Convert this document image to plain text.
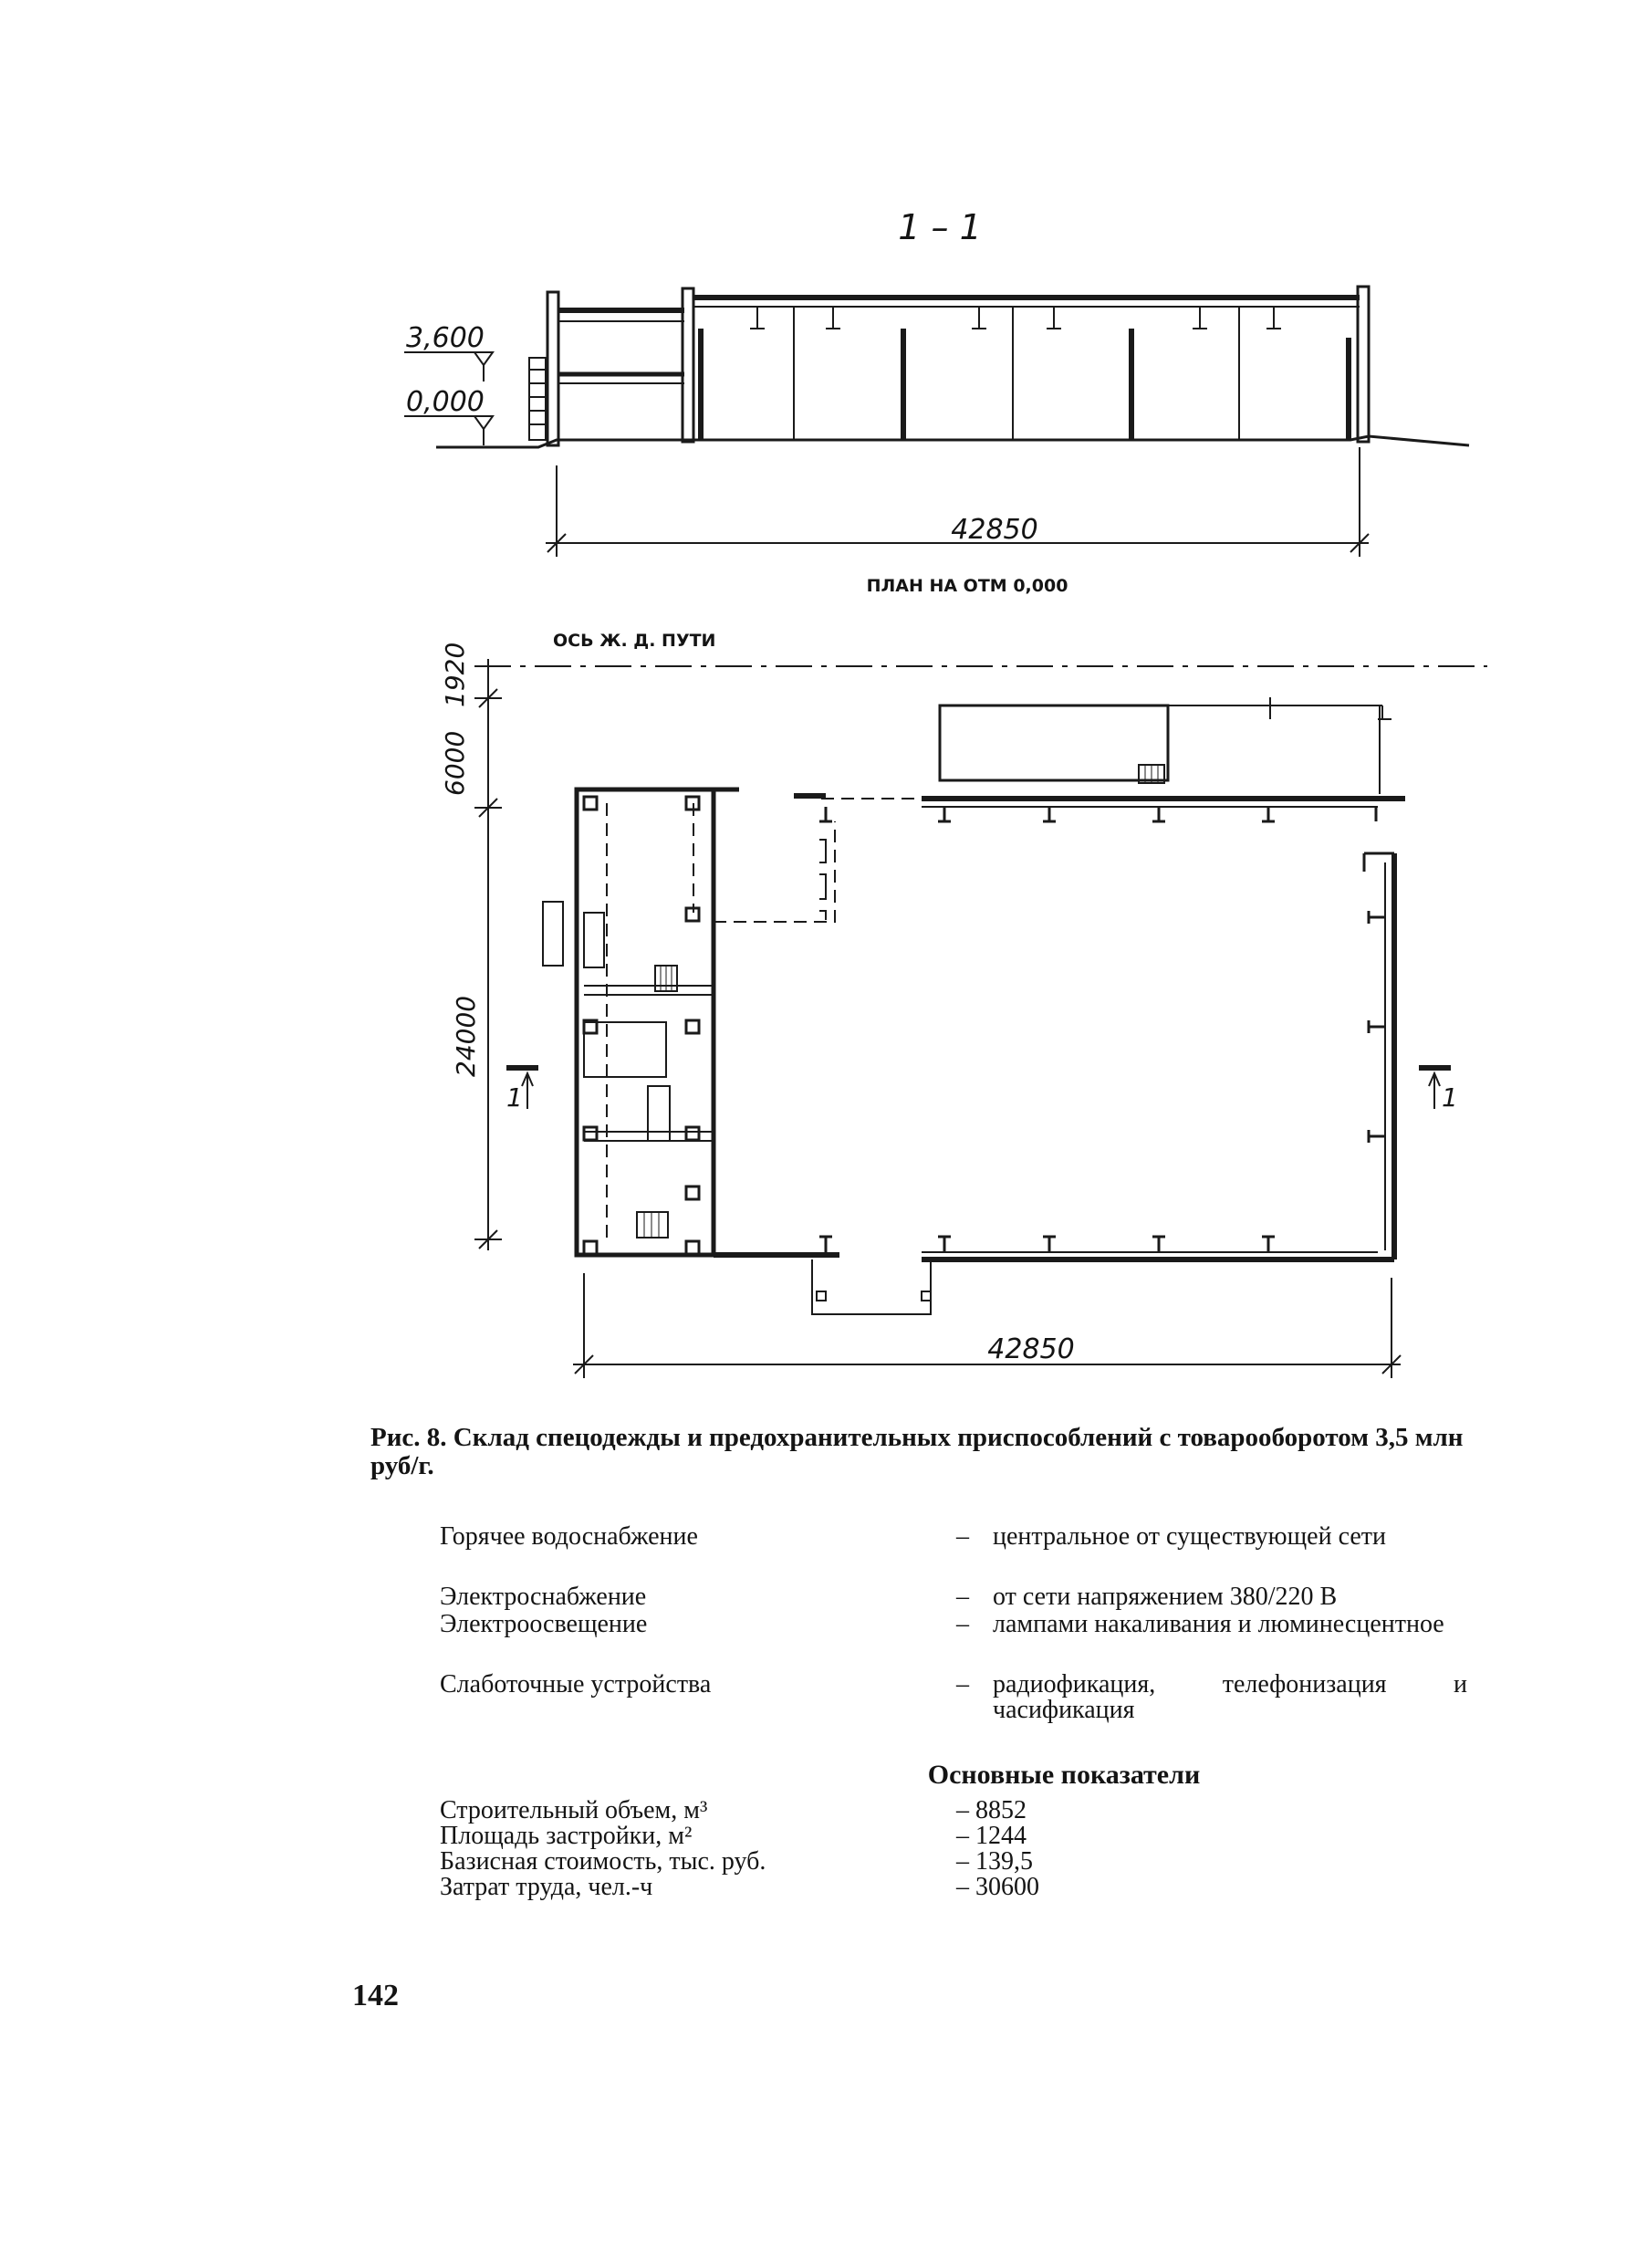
1 – 1
3,600
0,000
42850
ПЛАН НА ОТМ 0,000
ОСЬ Ж. Д. ПУТИ
1920
6000
24000
1	1
42850

Рис. 8. Склад спецодежды и предохранительных приспособлений с товарооборотом 3,5 млн руб/г.

Горячее водоснабжение	– центральное от существующей сети

Электроснабжение	– от сети напряжением 380/220 В

Электроосвещение	– лампами накаливания и люминесцентное

Слаботочные устройства	– радиофикация, телефонизация и часификация

Основные показатели

Строительный объем, м³	– 8852

Площадь застройки, м²	– 1244

Базисная стоимость, тыс. руб.	– 139,5

Затрат труда, чел.-ч	– 30600

142
